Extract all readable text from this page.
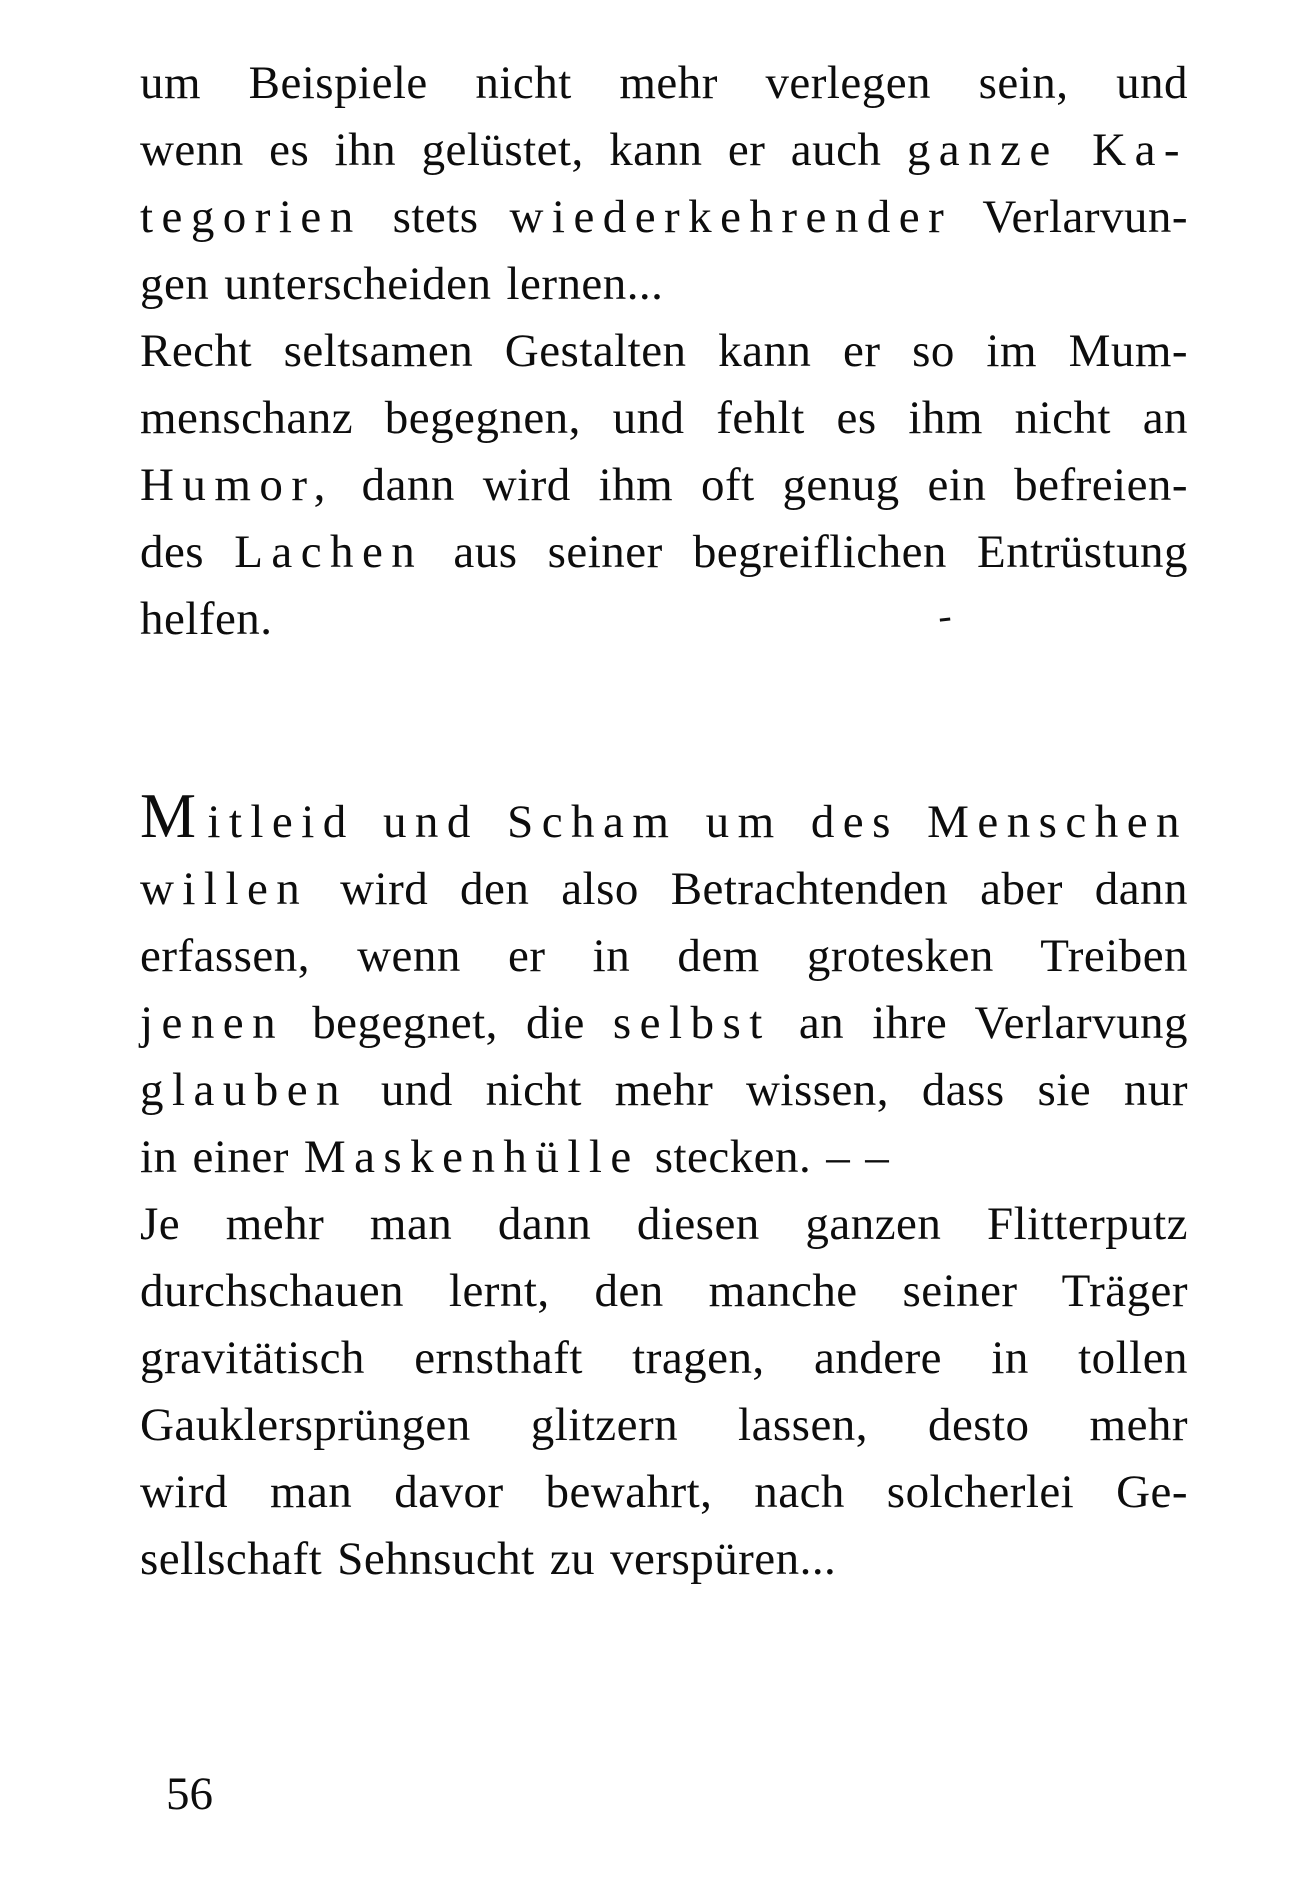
um Beispiele nicht mehr verlegen sein, und
wenn es ihn gelüstet, kann er auch ganze Ka-
tegorien stets wiederkehrender Verlarvun-
gen unterscheiden lernen...
Recht seltsamen Gestalten kann er so im Mum-
menschanz begegnen, und fehlt es ihm nicht an
Humor, dann wird ihm oft genug ein befreien-
des Lachen aus seiner begreiflichen Entrüstung
helfen.
Mitleid und Scham um des Menschen
willen wird den also Betrachtenden aber dann
erfassen, wenn er in dem grotesken Treiben
jenen begegnet, die selbst an ihre Verlarvung
glauben und nicht mehr wissen, dass sie nur
in einer Maskenhülle stecken. – –
Je mehr man dann diesen ganzen Flitterputz
durchschauen lernt, den manche seiner Träger
gravitätisch ernsthaft tragen, andere in tollen
Gauklersprüngen glitzern lassen, desto mehr
wird man davor bewahrt, nach solcherlei Ge-
sellschaft Sehnsucht zu verspüren...
-
56
